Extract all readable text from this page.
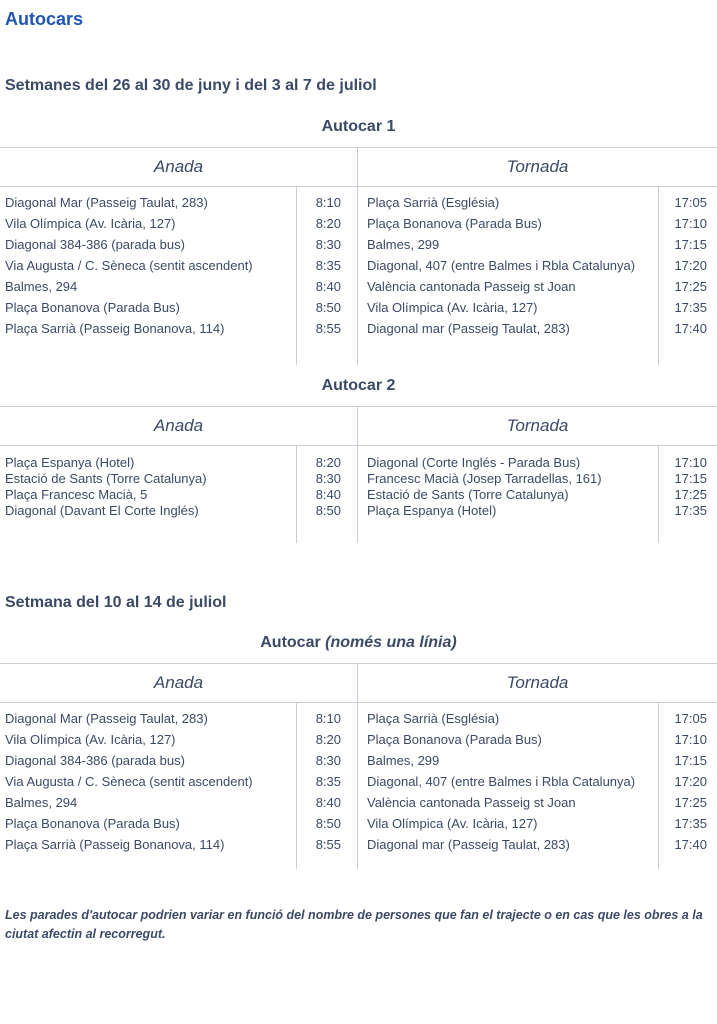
Autocars
Setmanes del 26 al 30 de juny i del 3 al 7 de juliol
Autocar 1
Anada	Tornada
Diagonal Mar (Passeig Taulat, 283)	8:10
Vila Olímpica (Av. Icària, 127)	8:20
Diagonal 384-386 (parada bus)	8:30
Via Augusta / C. Sèneca (sentit ascendent)	8:35
Balmes, 294	8:40
Plaça Bonanova (Parada Bus)	8:50
Plaça Sarrià (Passeig Bonanova, 114)	8:55
Plaça Sarrià (Església)	17:05
Plaça Bonanova (Parada Bus)	17:10
Balmes, 299	17:15
Diagonal, 407 (entre Balmes i Rbla Catalunya)	17:20
València cantonada Passeig st Joan	17:25
Vila Olímpica (Av. Icària, 127)	17:35
Diagonal mar (Passeig Taulat, 283)	17:40
Autocar 2
Anada	Tornada
Plaça Espanya (Hotel)	8:20
Estació de Sants (Torre Catalunya)	8:30
Plaça Francesc Macià, 5	8:40
Diagonal (Davant El Corte Inglés)	8:50
Diagonal (Corte Inglés - Parada Bus)	17:10
Francesc Macià (Josep Tarradellas, 161)	17:15
Estació de Sants (Torre Catalunya)	17:25
Plaça Espanya (Hotel)	17:35
Setmana del 10 al 14 de juliol
Autocar (només una línia)
Anada	Tornada
Diagonal Mar (Passeig Taulat, 283)	8:10
Vila Olímpica (Av. Icària, 127)	8:20
Diagonal 384-386 (parada bus)	8:30
Via Augusta / C. Sèneca (sentit ascendent)	8:35
Balmes, 294	8:40
Plaça Bonanova (Parada Bus)	8:50
Plaça Sarrià (Passeig Bonanova, 114)	8:55
Plaça Sarrià (Església)	17:05
Plaça Bonanova (Parada Bus)	17:10
Balmes, 299	17:15
Diagonal, 407 (entre Balmes i Rbla Catalunya)	17:20
València cantonada Passeig st Joan	17:25
Vila Olímpica (Av. Icària, 127)	17:35
Diagonal mar (Passeig Taulat, 283)	17:40
Les parades d'autocar podrien variar en funció del nombre de persones que fan el trajecte o en cas que les obres a la ciutat afectin al recorregut.
